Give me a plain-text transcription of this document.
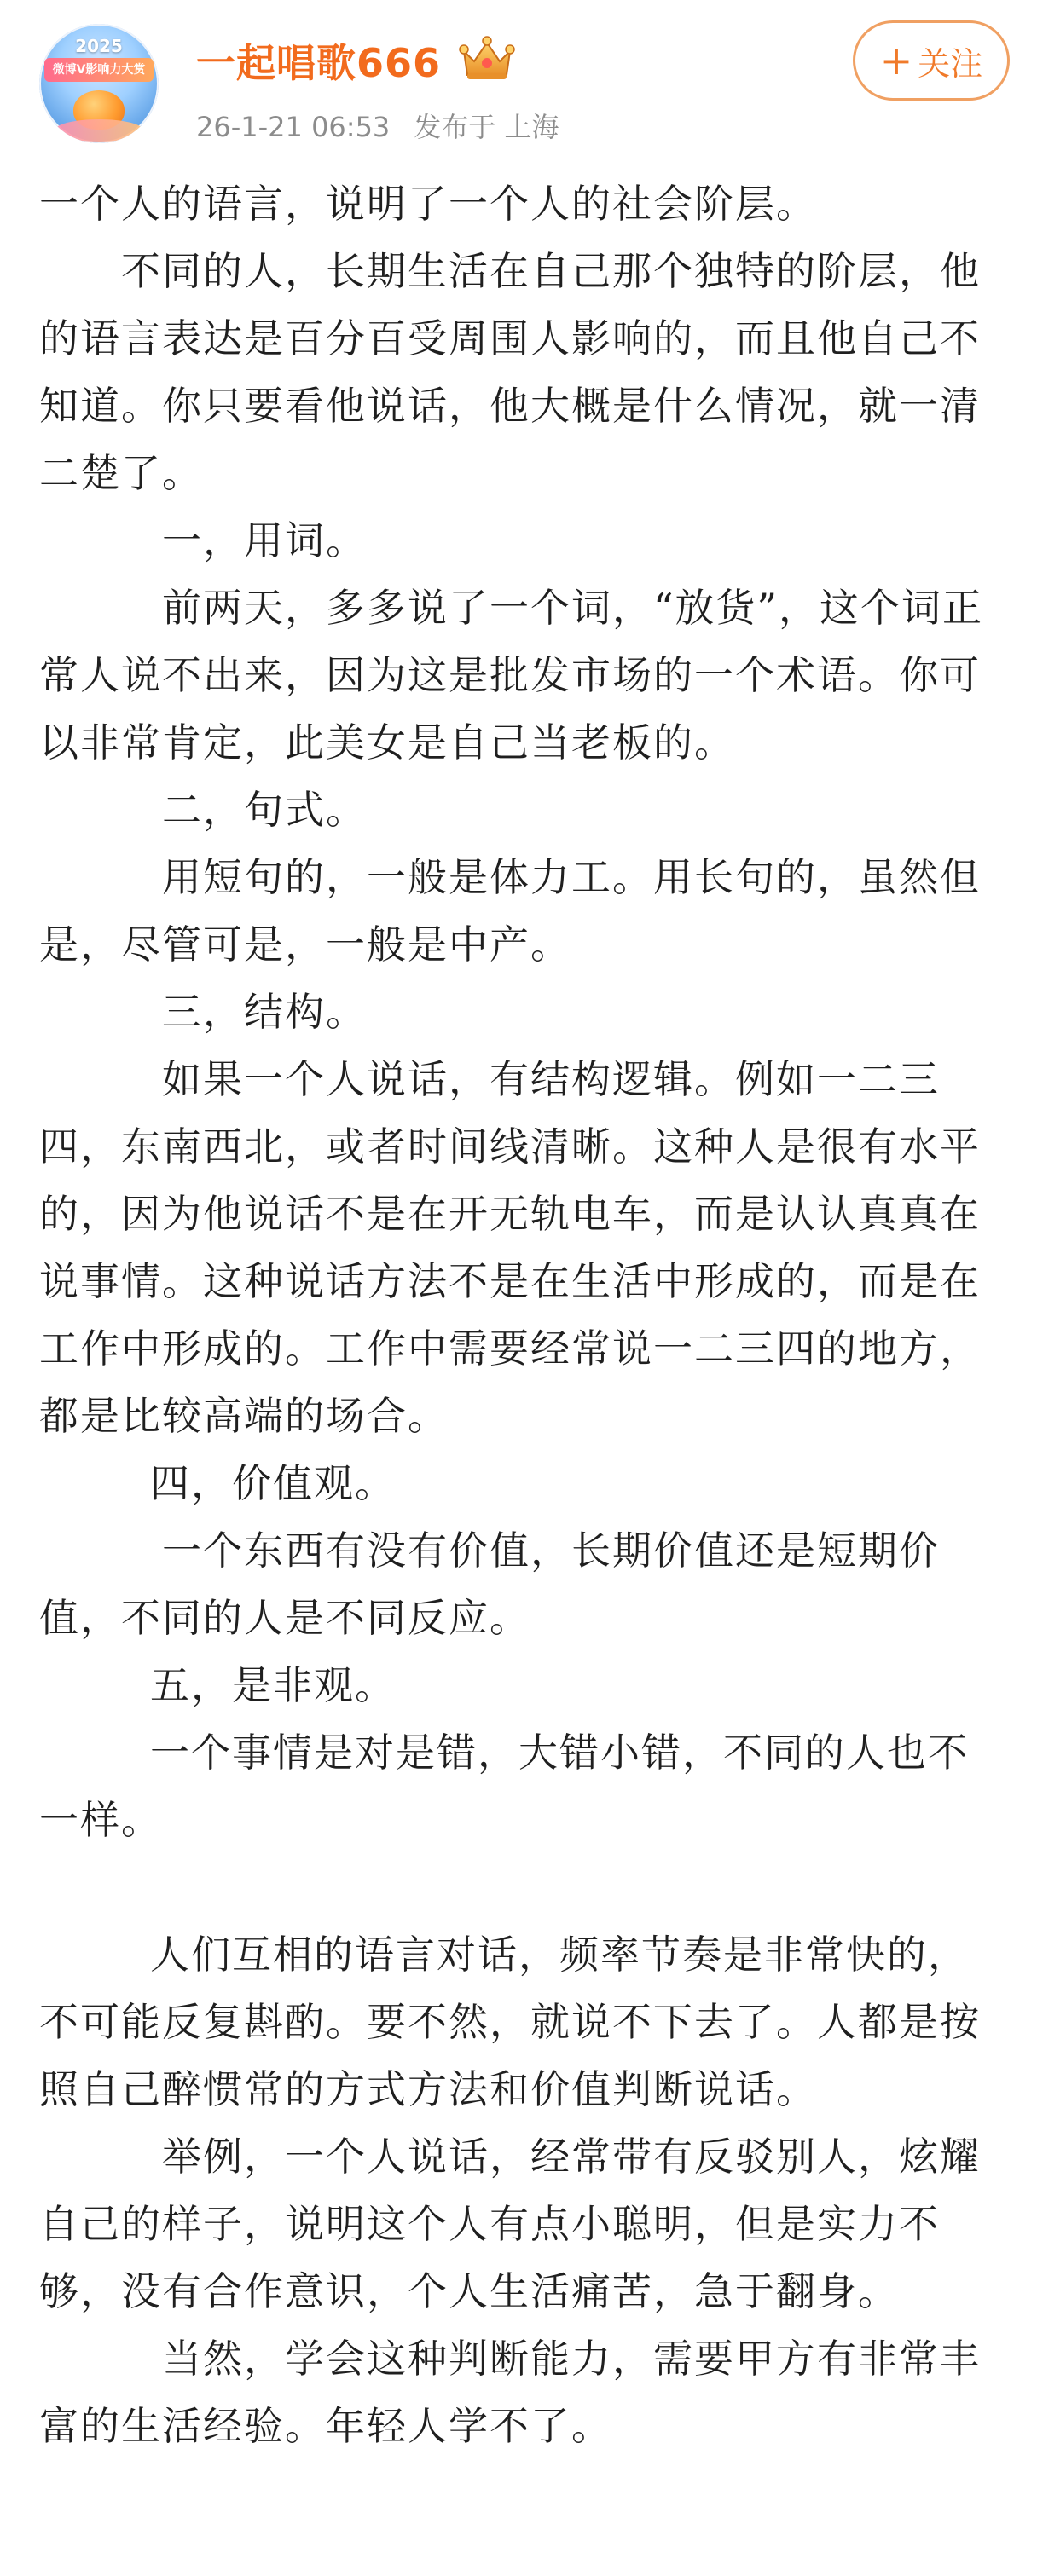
2025
微博V影响力大赏 一起唱歌666
26-1-21 06:53 发布于 上海
+ 关注

一个人的语言，说明了一个人的社会阶层。

不同的人，长期生活在自己那个独特的阶层，他的语言表达是百分百受周围人影响的，而且他自己不知道。你只要看他说话，他大概是什么情况，就一清二楚了。

一，用词。

前两天，多多说了一个词，“放货”，这个词正常人说不出来，因为这是批发市场的一个术语。你可以非常肯定，此美女是自己当老板的。

二，句式。

用短句的，一般是体力工。用长句的，虽然但是，尽管可是，一般是中产。

三，结构。

如果一个人说话，有结构逻辑。例如一二三四，东南西北，或者时间线清晰。这种人是很有水平的，因为他说话不是在开无轨电车，而是认认真真在说事情。这种说话方法不是在生活中形成的，而是在工作中形成的。工作中需要经常说一二三四的地方，都是比较高端的场合。

四，价值观。

一个东西有没有价值，长期价值还是短期价值，不同的人是不同反应。

五，是非观。

一个事情是对是错，大错小错，不同的人也不一样。

人们互相的语言对话，频率节奏是非常快的，不可能反复斟酌。要不然，就说不下去了。人都是按照自己醉惯常的方式方法和价值判断说话。

举例，一个人说话，经常带有反驳别人，炫耀自己的样子，说明这个人有点小聪明，但是实力不够，没有合作意识，个人生活痛苦，急于翻身。

当然，学会这种判断能力，需要甲方有非常丰富的生活经验。年轻人学不了。
